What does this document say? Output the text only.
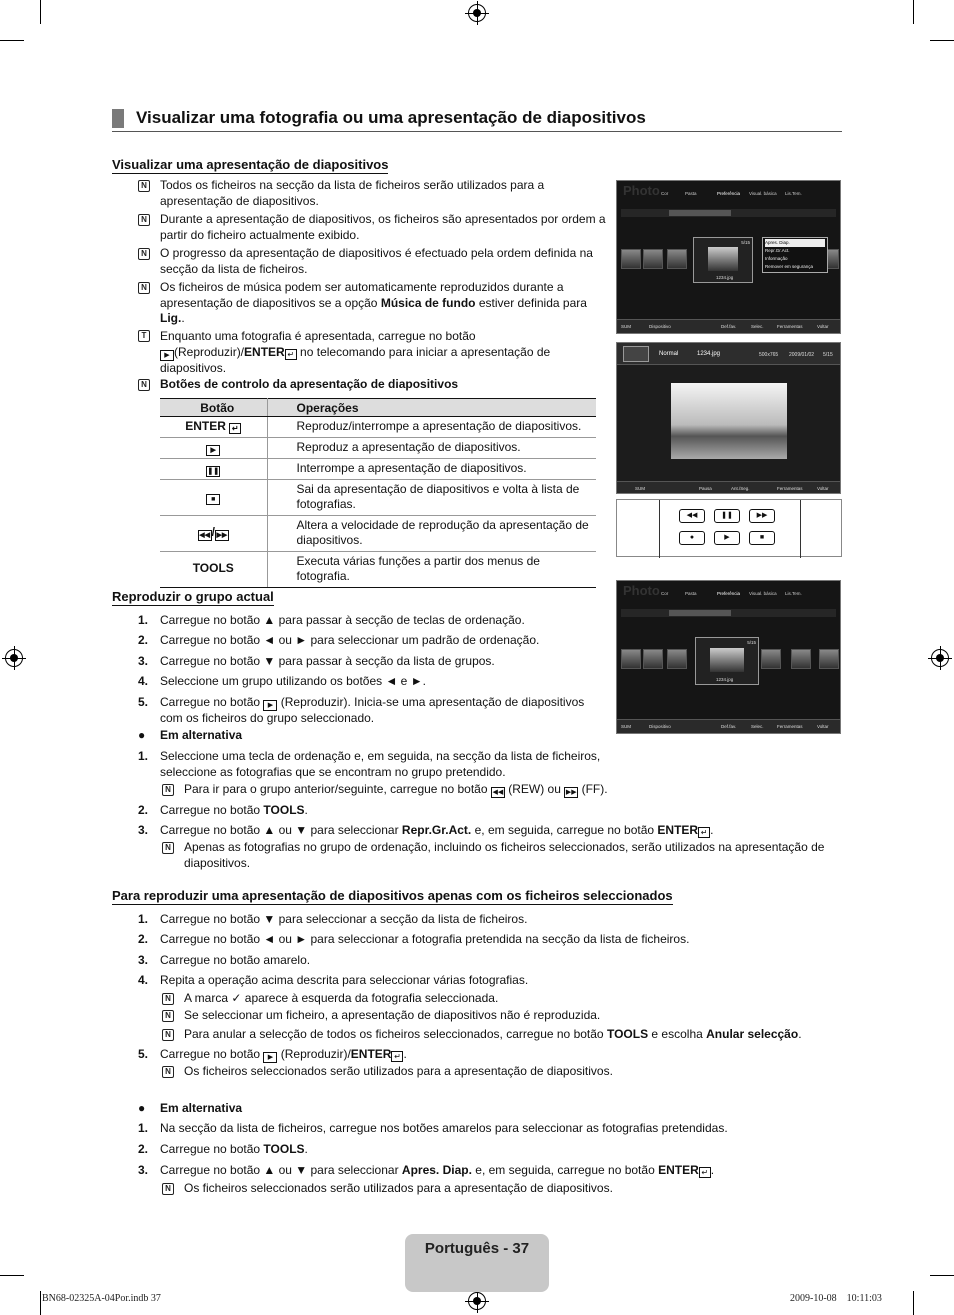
Visualizar uma fotografia ou uma apresentação de diapositivos
Visualizar uma apresentação de diapositivos
N Todos os ficheiros na secção da lista de ficheiros serão utilizados para a apresentação de diapositivos.
N Durante a apresentação de diapositivos, os ficheiros são apresentados por ordem a partir do ficheiro actualmente exibido.
N O progresso da apresentação de diapositivos é efectuado pela ordem definida na secção da lista de ficheiros.
N Os ficheiros de música podem ser automaticamente reproduzidos durante a apresentação de diapositivos se a opção Música de fundo estiver definida para Lig..
T Enquanto uma fotografia é apresentada, carregue no botão
▶ (Reproduzir)/ENTER ↵ no telecomando para iniciar a apresentação de diapositivos.
N Botões de controlo da apresentação de diapositivos
Botão	Operações
ENTER ↵	Reproduz/interrompe a apresentação de diapositivos.
▶	Reproduz a apresentação de diapositivos.
❚❚	Interrompe a apresentação de diapositivos.
■	Sai da apresentação de diapositivos e volta à lista de fotografias.
◀◀ / ▶▶	Altera a velocidade de reprodução da apresentação de diapositivos.
TOOLS	Executa várias funções a partir dos menus de fotografia.
Photo Cor	Pasta	Preferência Visual. básica Lis.Tem.
1234.jpg
5/15	Apres. Diap.
Repr.Gr.Act.
Informação
Remover em segurança
SUM	Dispositivo	Def.fav.	Selec.	Ferramentas	Voltar
Normal	1234.jpg	500x765 2009/01/02 5/15
SUM	Pausa	Ant./Seg.	Ferramentas	Voltar
◀◀	❚❚	▶▶
●	▶	■
Photo Cor	Pasta	Preferência Visual. básica Lis.Tem.
1234.jpg
5/15
SUM	Dispositivo	Def.fav.	Selec.	Ferramentas	Voltar
Reproduzir o grupo actual
1. Carregue no botão ▲ para passar à secção de teclas de ordenação.
2. Carregue no botão ◄ ou ► para seleccionar um padrão de ordenação.
3. Carregue no botão ▼ para passar à secção da lista de grupos.
4. Seleccione um grupo utilizando os botões ◄ e ►.
5. Carregue no botão ▶ (Reproduzir). Inicia-se uma apresentação de diapositivos com os ficheiros do grupo seleccionado.
● Em alternativa
1. Seleccione uma tecla de ordenação e, em seguida, na secção da lista de ficheiros, seleccione as fotografias que se encontram no grupo pretendido.
N Para ir para o grupo anterior/seguinte, carregue no botão ◀◀ (REW) ou ▶▶ (FF).
2. Carregue no botão TOOLS.
3. Carregue no botão ▲ ou ▼ para seleccionar Repr.Gr.Act. e, em seguida, carregue no botão ENTER ↵ .
N Apenas as fotografias no grupo de ordenação, incluindo os ficheiros seleccionados, serão utilizados na apresentação de diapositivos.
Para reproduzir uma apresentação de diapositivos apenas com os ficheiros seleccionados
1. Carregue no botão ▼ para seleccionar a secção da lista de ficheiros.
2. Carregue no botão ◄ ou ► para seleccionar a fotografia pretendida na secção da lista de ficheiros.
3. Carregue no botão amarelo.
4. Repita a operação acima descrita para seleccionar várias fotografias.
N A marca ✓ aparece à esquerda da fotografia seleccionada.
N Se seleccionar um ficheiro, a apresentação de diapositivos não é reproduzida.
N Para anular a selecção de todos os ficheiros seleccionados, carregue no botão TOOLS e escolha Anular selecção.
5. Carregue no botão ▶ (Reproduzir)/ENTER ↵ .
N Os ficheiros seleccionados serão utilizados para a apresentação de diapositivos.
● Em alternativa
1. Na secção da lista de ficheiros, carregue nos botões amarelos para seleccionar as fotografias pretendidas.
2. Carregue no botão TOOLS.
3. Carregue no botão ▲ ou ▼ para seleccionar Apres. Diap. e, em seguida, carregue no botão ENTER ↵ .
N Os ficheiros seleccionados serão utilizados para a apresentação de diapositivos.
Português - 37
BN68-02325A-04Por.indb 37	2009-10-08    10:11:03
